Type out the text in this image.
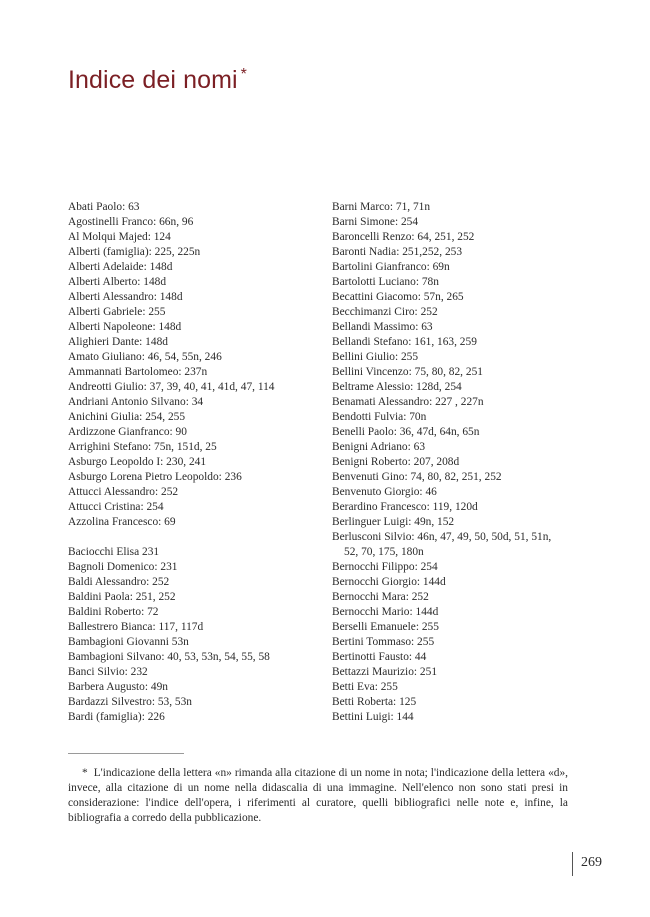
Indice dei nomi *
Abati Paolo: 63
Agostinelli Franco: 66n, 96
Al Molqui Majed: 124
Alberti (famiglia): 225, 225n
Alberti Adelaide: 148d
Alberti Alberto: 148d
Alberti Alessandro: 148d
Alberti Gabriele: 255
Alberti Napoleone: 148d
Alighieri Dante: 148d
Amato Giuliano: 46, 54, 55n, 246
Ammannati Bartolomeo: 237n
Andreotti Giulio: 37, 39, 40, 41, 41d, 47, 114
Andriani Antonio Silvano: 34
Anichini Giulia: 254, 255
Ardizzone Gianfranco: 90
Arrighini Stefano: 75n, 151d, 25
Asburgo Leopoldo I: 230, 241
Asburgo Lorena Pietro Leopoldo: 236
Attucci Alessandro: 252
Attucci Cristina: 254
Azzolina Francesco: 69
Baciocchi Elisa 231
Bagnoli Domenico: 231
Baldi Alessandro: 252
Baldini Paola: 251, 252
Baldini Roberto: 72
Ballestrero Bianca: 117, 117d
Bambagioni Giovanni 53n
Bambagioni Silvano: 40, 53, 53n, 54, 55, 58
Banci Silvio: 232
Barbera Augusto: 49n
Bardazzi Silvestro: 53, 53n
Bardi (famiglia): 226
Barni Marco: 71, 71n
Barni Simone: 254
Baroncelli Renzo: 64, 251, 252
Baronti Nadia: 251,252, 253
Bartolini Gianfranco: 69n
Bartolotti Luciano: 78n
Becattini Giacomo: 57n, 265
Becchimanzi Ciro: 252
Bellandi Massimo: 63
Bellandi Stefano: 161, 163, 259
Bellini Giulio: 255
Bellini Vincenzo: 75, 80, 82, 251
Beltrame Alessio: 128d, 254
Benamati Alessandro: 227 , 227n
Bendotti Fulvia: 70n
Benelli Paolo: 36, 47d, 64n, 65n
Benigni Adriano: 63
Benigni Roberto: 207, 208d
Benvenuti Gino: 74, 80, 82, 251, 252
Benvenuto Giorgio: 46
Berardino Francesco: 119, 120d
Berlinguer Luigi: 49n, 152
Berlusconi Silvio: 46n, 47, 49, 50, 50d, 51, 51n,
52, 70, 175, 180n
Bernocchi Filippo: 254
Bernocchi Giorgio: 144d
Bernocchi Mara: 252
Bernocchi Mario: 144d
Berselli Emanuele: 255
Bertini Tommaso: 255
Bertinotti Fausto: 44
Bettazzi Maurizio: 251
Betti Eva: 255
Betti Roberta: 125
Bettini Luigi: 144
* L'indicazione della lettera «n» rimanda alla citazione di un nome in nota; l'indicazione della lettera «d», invece, alla citazione di un nome nella didascalia di una immagine. Nell'elenco non sono stati presi in considerazione: l'indice dell'opera, i riferimenti al curatore, quelli bibliografici nelle note e, infine, la bibliografia a corredo della pubblicazione.
269
